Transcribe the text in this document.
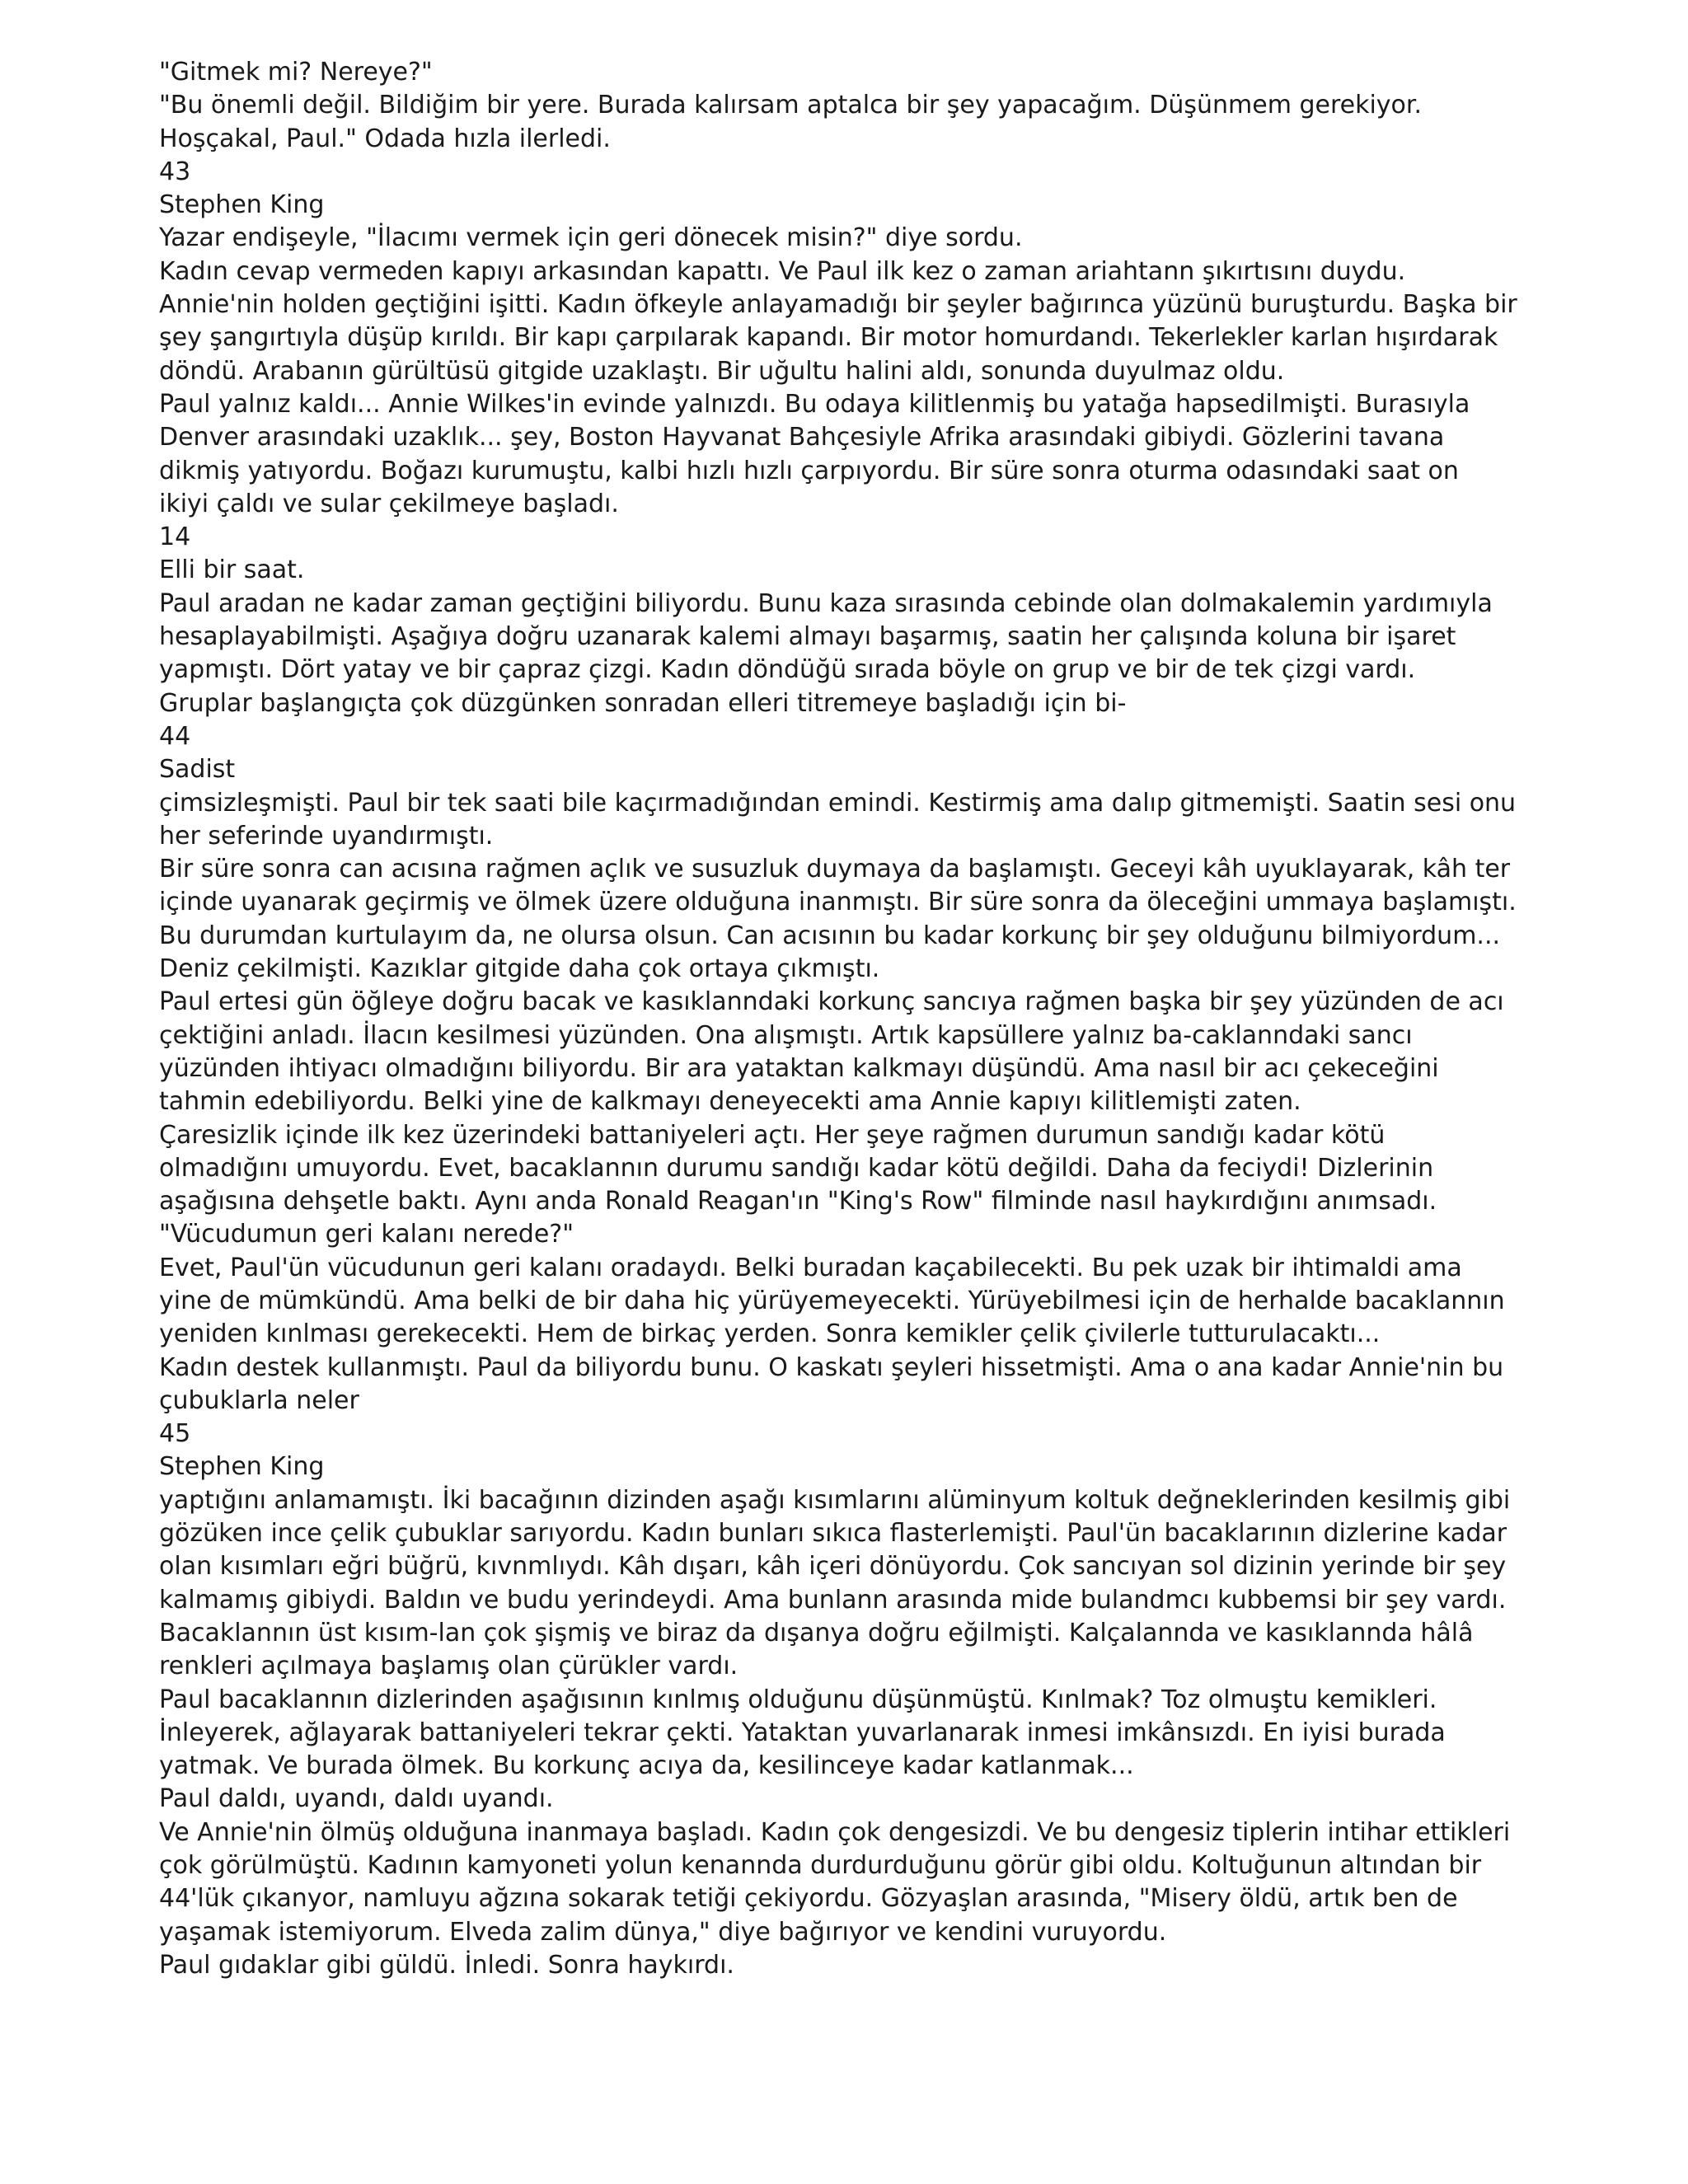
"Gitmek mi? Nereye?"
"Bu önemli değil. Bildiğim bir yere. Burada kalırsam aptalca bir şey yapacağım. Düşünmem gerekiyor.
Hoşçakal, Paul." Odada hızla ilerledi.
43
Stephen King
Yazar endişeyle, "İlacımı vermek için geri dönecek misin?" diye sordu.
Kadın cevap vermeden kapıyı arkasından kapattı. Ve Paul ilk kez o zaman ariahtann şıkırtısını duydu.
Annie'nin holden geçtiğini işitti. Kadın öfkeyle anlayamadığı bir şeyler bağırınca yüzünü buruşturdu. Başka bir
şey şangırtıyla düşüp kırıldı. Bir kapı çarpılarak kapandı. Bir motor homurdandı. Tekerlekler karlan hışırdarak
döndü. Arabanın gürültüsü gitgide uzaklaştı. Bir uğultu halini aldı, sonunda duyulmaz oldu.
Paul yalnız kaldı... Annie Wilkes'in evinde yalnızdı. Bu odaya kilitlenmiş bu yatağa hapsedilmişti. Burasıyla
Denver arasındaki uzaklık... şey, Boston Hayvanat Bahçesiyle Afrika arasındaki gibiydi. Gözlerini tavana
dikmiş yatıyordu. Boğazı kurumuştu, kalbi hızlı hızlı çarpıyordu. Bir süre sonra oturma odasındaki saat on
ikiyi çaldı ve sular çekilmeye başladı.
14
Elli bir saat.
Paul aradan ne kadar zaman geçtiğini biliyordu. Bunu kaza sırasında cebinde olan dolmakalemin yardımıyla
hesaplayabilmişti. Aşağıya doğru uzanarak kalemi almayı başarmış, saatin her çalışında koluna bir işaret
yapmıştı. Dört yatay ve bir çapraz çizgi. Kadın döndüğü sırada böyle on grup ve bir de tek çizgi vardı.
Gruplar başlangıçta çok düzgünken sonradan elleri titremeye başladığı için bi-
44
Sadist
çimsizleşmişti. Paul bir tek saati bile kaçırmadığından emindi. Kestirmiş ama dalıp gitmemişti. Saatin sesi onu
her seferinde uyandırmıştı.
Bir süre sonra can acısına rağmen açlık ve susuzluk duymaya da başlamıştı. Geceyi kâh uyuklayarak, kâh ter
içinde uyanarak geçirmiş ve ölmek üzere olduğuna inanmıştı. Bir süre sonra da öleceğini ummaya başlamıştı.
Bu durumdan kurtulayım da, ne olursa olsun. Can acısının bu kadar korkunç bir şey olduğunu bilmiyordum...
Deniz çekilmişti. Kazıklar gitgide daha çok ortaya çıkmıştı.
Paul ertesi gün öğleye doğru bacak ve kasıklanndaki korkunç sancıya rağmen başka bir şey yüzünden de acı
çektiğini anladı. İlacın kesilmesi yüzünden. Ona alışmıştı. Artık kapsüllere yalnız ba-caklanndaki sancı
yüzünden ihtiyacı olmadığını biliyordu. Bir ara yataktan kalkmayı düşündü. Ama nasıl bir acı çekeceğini
tahmin edebiliyordu. Belki yine de kalkmayı deneyecekti ama Annie kapıyı kilitlemişti zaten.
Çaresizlik içinde ilk kez üzerindeki battaniyeleri açtı. Her şeye rağmen durumun sandığı kadar kötü
olmadığını umuyordu. Evet, bacaklannın durumu sandığı kadar kötü değildi. Daha da feciydi! Dizlerinin
aşağısına dehşetle baktı. Aynı anda Ronald Reagan'ın "King's Row" filminde nasıl haykırdığını anımsadı.
"Vücudumun geri kalanı nerede?"
Evet, Paul'ün vücudunun geri kalanı oradaydı. Belki buradan kaçabilecekti. Bu pek uzak bir ihtimaldi ama
yine de mümkündü. Ama belki de bir daha hiç yürüyemeyecekti. Yürüyebilmesi için de herhalde bacaklannın
yeniden kınlması gerekecekti. Hem de birkaç yerden. Sonra kemikler çelik çivilerle tutturulacaktı...
Kadın destek kullanmıştı. Paul da biliyordu bunu. O kaskatı şeyleri hissetmişti. Ama o ana kadar Annie'nin bu
çubuklarla neler
45
Stephen King
yaptığını anlamamıştı. İki bacağının dizinden aşağı kısımlarını alüminyum koltuk değneklerinden kesilmiş gibi
gözüken ince çelik çubuklar sarıyordu. Kadın bunları sıkıca flasterlemişti. Paul'ün bacaklarının dizlerine kadar
olan kısımları eğri büğrü, kıvnmlıydı. Kâh dışarı, kâh içeri dönüyordu. Çok sancıyan sol dizinin yerinde bir şey
kalmamış gibiydi. Baldın ve budu yerindeydi. Ama bunlann arasında mide bulandmcı kubbemsi bir şey vardı.
Bacaklannın üst kısım-lan çok şişmiş ve biraz da dışanya doğru eğilmişti. Kalçalannda ve kasıklannda hâlâ
renkleri açılmaya başlamış olan çürükler vardı.
Paul bacaklannın dizlerinden aşağısının kınlmış olduğunu düşünmüştü. Kınlmak? Toz olmuştu kemikleri.
İnleyerek, ağlayarak battaniyeleri tekrar çekti. Yataktan yuvarlanarak inmesi imkânsızdı. En iyisi burada
yatmak. Ve burada ölmek. Bu korkunç acıya da, kesilinceye kadar katlanmak...
Paul daldı, uyandı, daldı uyandı.
Ve Annie'nin ölmüş olduğuna inanmaya başladı. Kadın çok dengesizdi. Ve bu dengesiz tiplerin intihar ettikleri
çok görülmüştü. Kadının kamyoneti yolun kenannda durdurduğunu görür gibi oldu. Koltuğunun altından bir
44'lük çıkanyor, namluyu ağzına sokarak tetiği çekiyordu. Gözyaşlan arasında, "Misery öldü, artık ben de
yaşamak istemiyorum. Elveda zalim dünya," diye bağırıyor ve kendini vuruyordu.
Paul gıdaklar gibi güldü. İnledi. Sonra haykırdı.
